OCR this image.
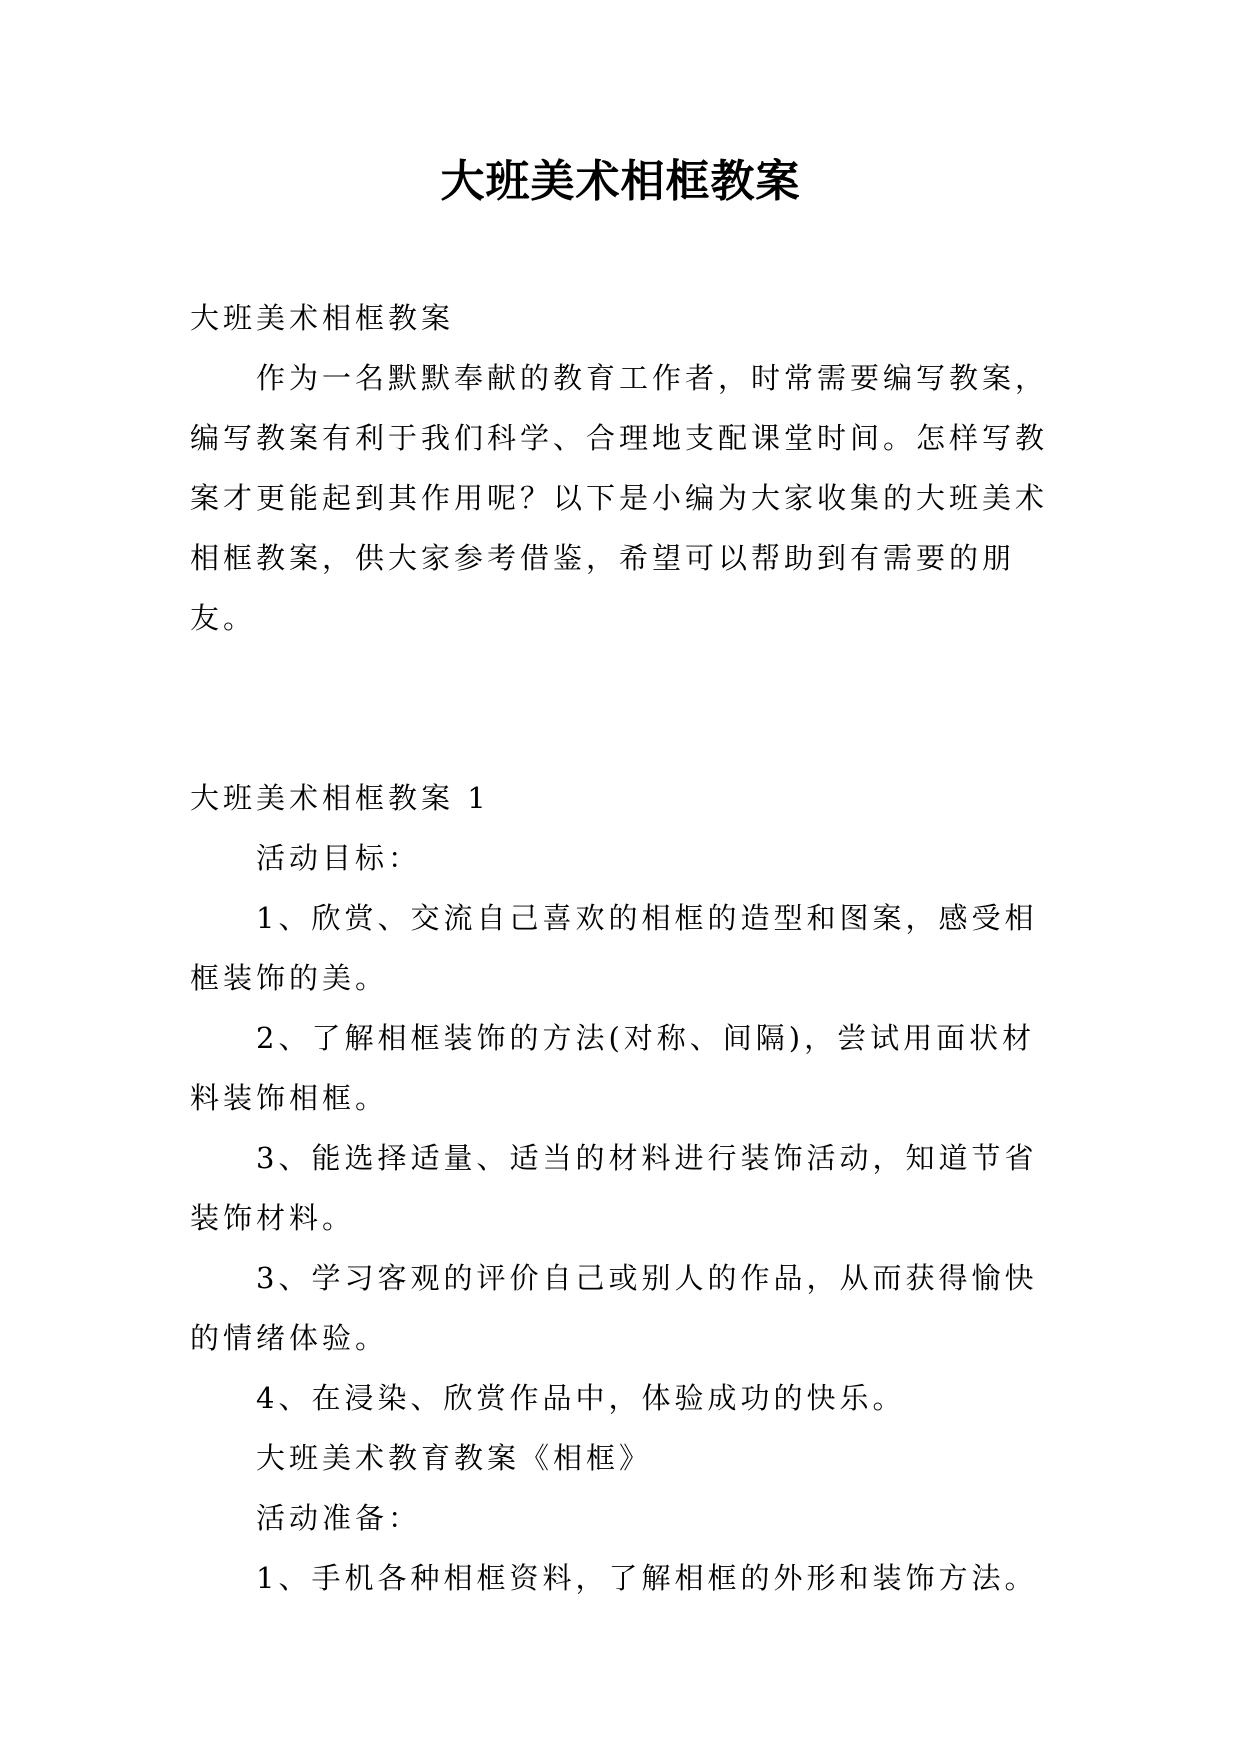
大班美术相框教案

大班美术相框教案

作为一名默默奉献的教育工作者，时常需要编写教案，编写教案有利于我们科学、合理地支配课堂时间。怎样写教案才更能起到其作用呢？以下是小编为大家收集的大班美术相框教案，供大家参考借鉴，希望可以帮助到有需要的朋友。

大班美术相框教案 1

活动目标：

1、欣赏、交流自己喜欢的相框的造型和图案，感受相框装饰的美。

2、了解相框装饰的方法(对称、间隔)，尝试用面状材料装饰相框。

3、能选择适量、适当的材料进行装饰活动，知道节省装饰材料。

3、学习客观的评价自己或别人的作品，从而获得愉快的情绪体验。

4、在浸染、欣赏作品中，体验成功的快乐。

大班美术教育教案《相框》

活动准备：

1、手机各种相框资料，了解相框的外形和装饰方法。
